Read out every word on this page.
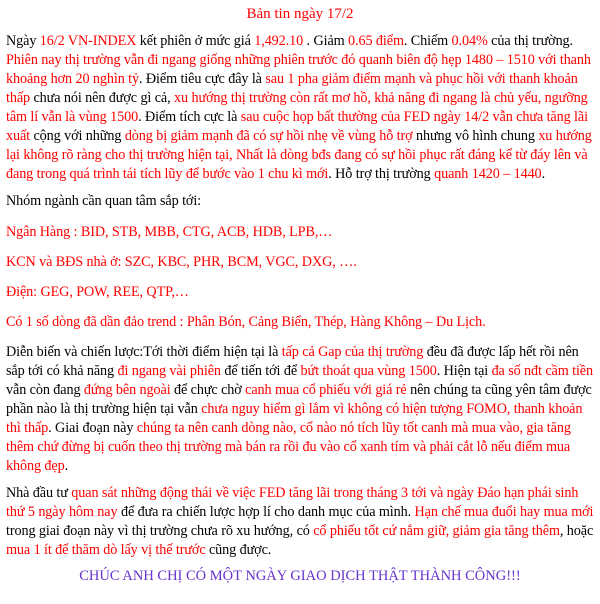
Bản tin ngày 17/2

Ngày 16/2 VN-INDEX kết phiên ở mức giá 1,492.10 . Giảm 0.65 điểm. Chiếm 0.04% của thị trường. Phiên nay thị trường vẫn đi ngang giống những phiên trước đó quanh biên độ hẹp 1480 – 1510 với thanh khoảng hơn 20 nghìn tỷ. Điểm tiêu cực đây là sau 1 pha giảm điểm mạnh và phục hồi với thanh khoản thấp chưa nói nên được gì cả, xu hướng thị trường còn rất mơ hồ, khả năng đi ngang là chủ yếu, ngưỡng tâm lí vẫn là vùng 1500. Điểm tích cực là sau cuộc họp bất thường của FED ngày 14/2 vẫn chưa tăng lãi xuất cộng với những dòng bị giảm mạnh đã có sự hồi nhẹ về vùng hỗ trợ nhưng vô hình chung xu hướng lại không rõ ràng cho thị trường hiện tại, Nhất là dòng bđs đang có sự hồi phục rất đáng kể từ đáy lên và đang trong quá trình tái tích lũy để bước vào 1 chu kì mới. Hỗ trợ thị trường quanh 1420 – 1440.

Nhóm ngành cần quan tâm sắp tới:

Ngân Hàng : BID, STB, MBB, CTG, ACB, HDB, LPB,…

KCN và BĐS nhà ở: SZC, KBC, PHR, BCM, VGC, DXG, ….

Điện: GEG, POW, REE, QTP,…

Có 1 số dòng đã dần đảo trend : Phân Bón, Cảng Biển, Thép, Hàng Không – Du Lịch.

Diễn biến và chiến lược:Tới thời điểm hiện tại là tấp cả Gap của thị trường đều đã được lấp hết rồi nên sắp tới có khả năng đi ngang vài phiên để tiến tới để bứt thoát qua vùng 1500. Hiện tại đa số nđt cầm tiền vẫn còn đang đứng bên ngoài để chực chờ canh mua cổ phiếu với giá rẻ nên chúng ta cũng yên tâm được phần nào là thị trường hiện tại vẫn chưa nguy hiểm gì lắm vì không có hiện tượng FOMO, thanh khoản thì thấp. Giai đoạn này chúng ta nên canh dòng nào, cổ nào nó tích lũy tốt canh mà mua vào, gia tăng thêm chứ đừng bị cuốn theo thị trường mà bán ra rồi đu vào cổ xanh tím và phải cắt lỗ nếu điểm mua không đẹp.

Nhà đầu tư quan sát những động thái về việc FED tăng lãi trong tháng 3 tới và ngày Đáo hạn phái sinh thứ 5 ngày hôm nay để đưa ra chiến lược hợp lí cho danh mục của mình. Hạn chế mua đuổi hay mua mới trong giai đoạn này vì thị trường chưa rõ xu hướng, có cổ phiếu tốt cứ nắm giữ, giảm gia tăng thêm, hoặc mua 1 ít để thăm dò lấy vị thế trước cũng được.

CHÚC ANH CHỊ CÓ MỘT NGÀY GIAO DỊCH THẬT THÀNH CÔNG!!!
